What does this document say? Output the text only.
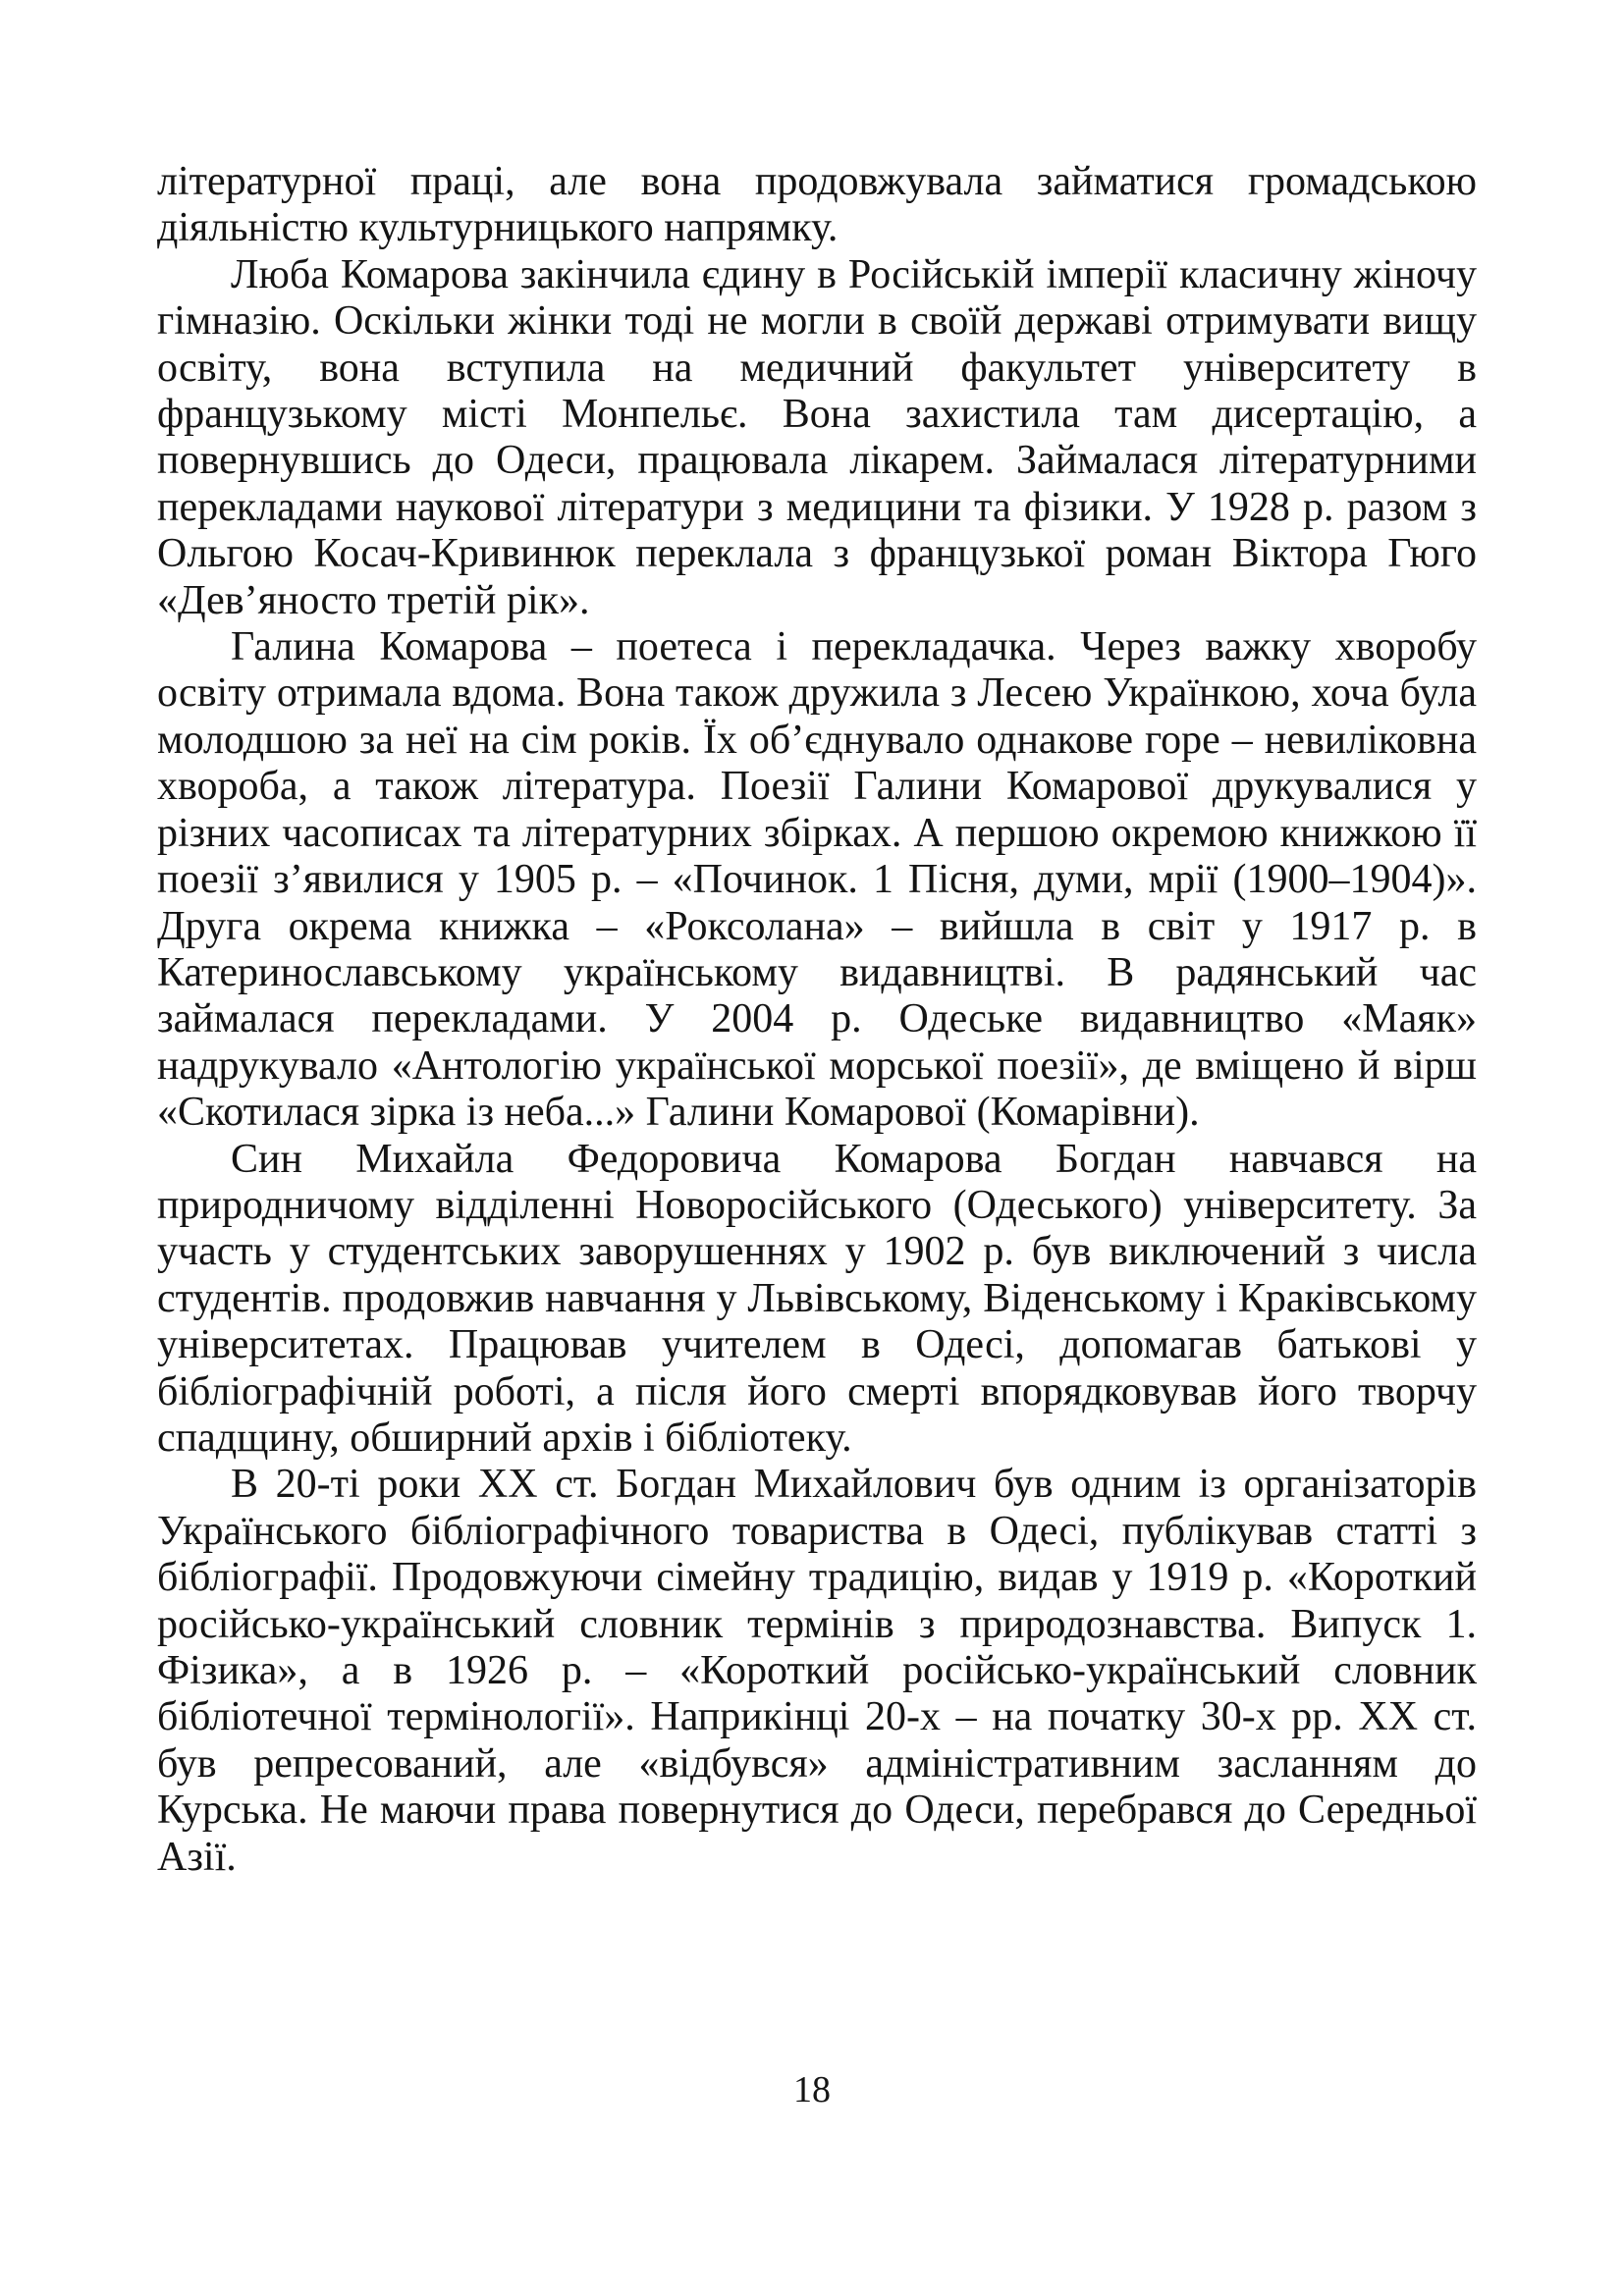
літературної праці, але вона продовжувала займатися громадською діяльністю культурницького напрямку.

Люба Комарова закінчила єдину в Російській імперії класичну жіночу гімназію. Оскільки жінки тоді не могли в своїй державі отримувати вищу освіту, вона вступила на медичний факультет університету в французькому місті Монпельє. Вона захистила там дисертацію, а повернувшись до Одеси, працювала лікарем. Займалася літературними перекладами наукової літератури з медицини та фізики. У 1928 р. разом з Ольгою Косач-Кривинюк переклала з французької роман Віктора Гюго «Дев’яносто третій рік».

Галина Комарова – поетеса і перекладачка. Через важку хворобу освіту отримала вдома. Вона також дружила з Лесею Українкою, хоча була молодшою за неї на сім років. Їх об’єднувало однакове горе – невиліковна хвороба, а також література. Поезії Галини Комарової друкувалися у різних часописах та літературних збірках. А першою окремою книжкою її поезії з’явилися у 1905 р. – «Починок. 1 Пісня, думи, мрії (1900–1904)». Друга окрема книжка – «Роксолана» – вийшла в світ у 1917 р. в Катеринославському українському видавництві. В радянський час займалася перекладами. У 2004 р. Одеське видавництво «Маяк» надрукувало «Антологію української морської поезії», де вміщено й вірш «Скотилася зірка із неба...» Галини Комарової (Комарівни).

Син Михайла Федоровича Комарова Богдан навчався на природничому відділенні Новоросійського (Одеського) університету. За участь у студентських заворушеннях у 1902 р. був виключений з числа студентів. продовжив навчання у Львівському, Віденському і Краківському університетах. Працював учителем в Одесі, допомагав батькові у бібліографічній роботі, а після його смерті впорядковував його творчу спадщину, обширний архів і бібліотеку.

В 20-ті роки ХХ ст. Богдан Михайлович був одним із організаторів Українського бібліографічного товариства в Одесі, публікував статті з бібліографії. Продовжуючи сімейну традицію, видав у 1919 р. «Короткий російсько-український словник термінів з природознавства. Випуск 1. Фізика», а в 1926 р. – «Короткий російсько-український словник бібліотечної термінології». Наприкінці 20-х – на початку 30-х рр. ХХ ст. був репресований, але «відбувся» адміністративним засланням до Курська. Не маючи права повернутися до Одеси, перебрався до Середньої Азії.

18
